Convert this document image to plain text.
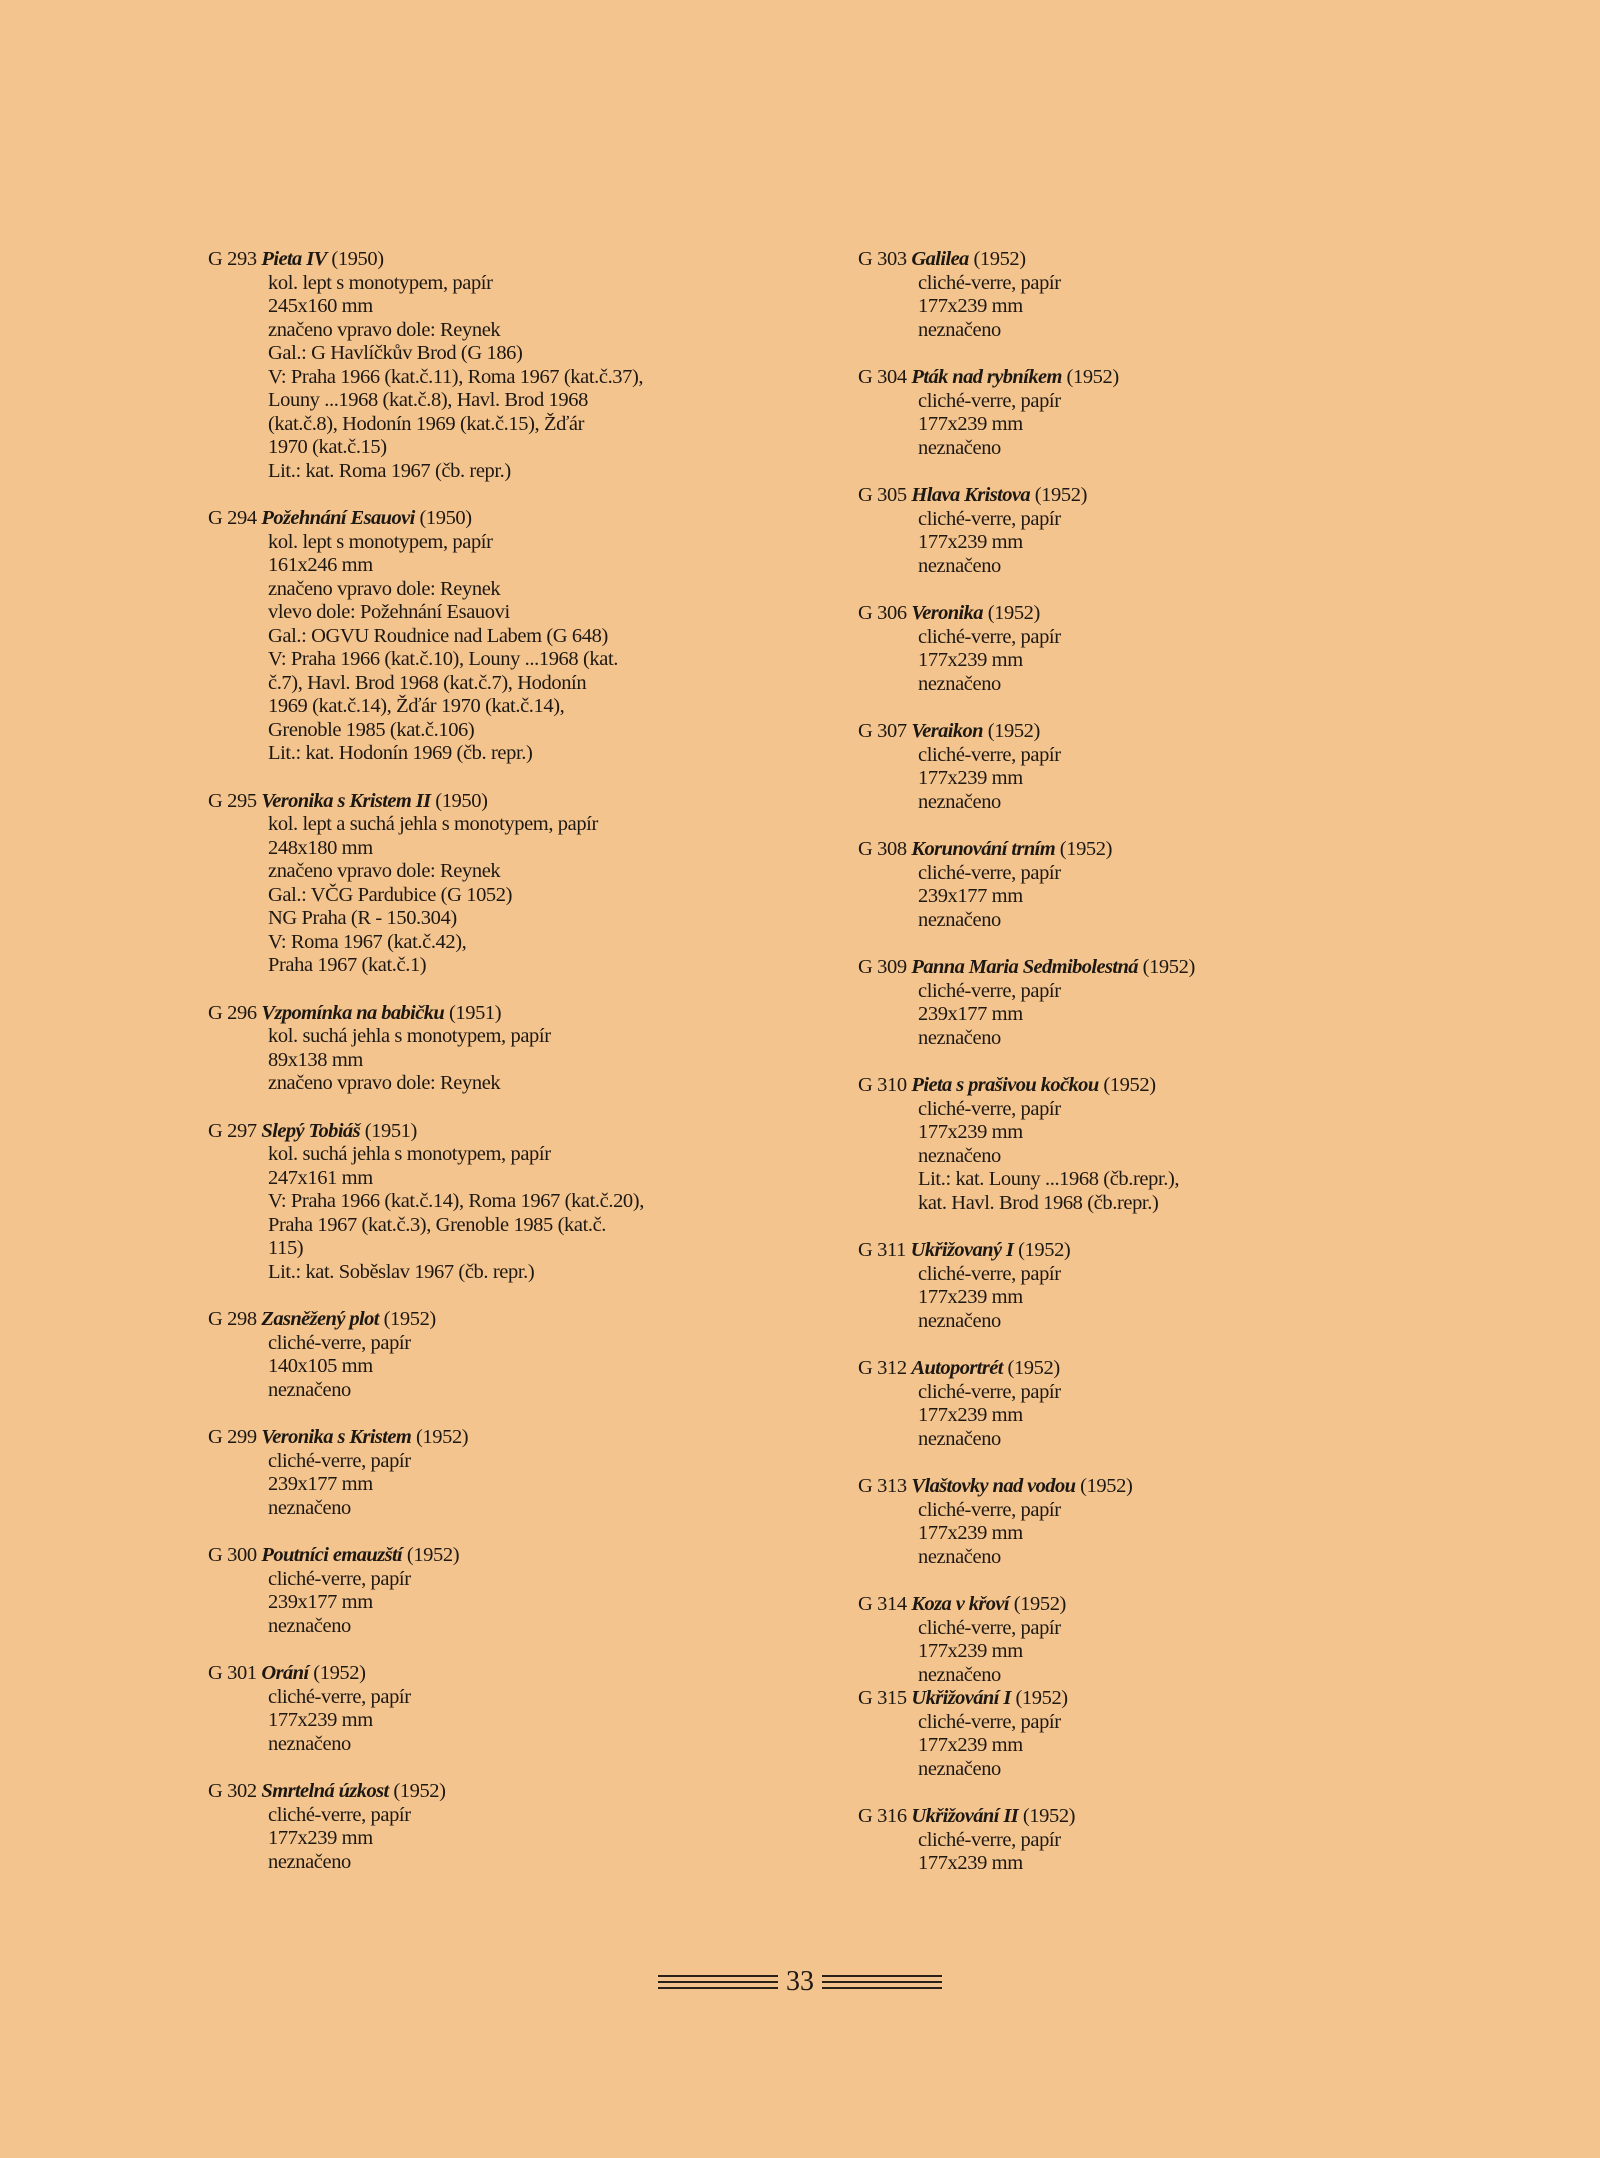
G 293 Pieta IV (1950)
kol. lept s monotypem, papír
245x160 mm
značeno vpravo dole: Reynek
Gal.: G Havlíčkův Brod (G 186)
V: Praha 1966 (kat.č.11), Roma 1967 (kat.č.37),
Louny ...1968 (kat.č.8), Havl. Brod 1968
(kat.č.8), Hodonín 1969 (kat.č.15), Žďár
1970 (kat.č.15)
Lit.: kat. Roma 1967 (čb. repr.)
G 294 Požehnání Esauovi (1950)
kol. lept s monotypem, papír
161x246 mm
značeno vpravo dole: Reynek
vlevo dole: Požehnání Esauovi
Gal.: OGVU Roudnice nad Labem (G 648)
V: Praha 1966 (kat.č.10), Louny ...1968 (kat.
č.7), Havl. Brod 1968 (kat.č.7), Hodonín
1969 (kat.č.14), Žďár 1970 (kat.č.14),
Grenoble 1985 (kat.č.106)
Lit.: kat. Hodonín 1969 (čb. repr.)
G 295 Veronika s Kristem II (1950)
kol. lept a suchá jehla s monotypem, papír
248x180 mm
značeno vpravo dole: Reynek
Gal.: VČG Pardubice (G 1052)
NG Praha (R - 150.304)
V: Roma 1967 (kat.č.42),
Praha 1967 (kat.č.1)
G 296 Vzpomínka na babičku (1951)
kol. suchá jehla s monotypem, papír
89x138 mm
značeno vpravo dole: Reynek
G 297 Slepý Tobiáš (1951)
kol. suchá jehla s monotypem, papír
247x161 mm
V: Praha 1966 (kat.č.14), Roma 1967 (kat.č.20),
Praha 1967 (kat.č.3), Grenoble 1985 (kat.č.
115)
Lit.: kat. Soběslav 1967 (čb. repr.)
G 298 Zasněžený plot (1952)
cliché-verre, papír
140x105 mm
neznačeno
G 299 Veronika s Kristem (1952)
cliché-verre, papír
239x177 mm
neznačeno
G 300 Poutníci emauzští (1952)
cliché-verre, papír
239x177 mm
neznačeno
G 301 Orání (1952)
cliché-verre, papír
177x239 mm
neznačeno
G 302 Smrtelná úzkost (1952)
cliché-verre, papír
177x239 mm
neznačeno
G 303 Galilea (1952)
cliché-verre, papír
177x239 mm
neznačeno
G 304 Pták nad rybníkem (1952)
cliché-verre, papír
177x239 mm
neznačeno
G 305 Hlava Kristova (1952)
cliché-verre, papír
177x239 mm
neznačeno
G 306 Veronika (1952)
cliché-verre, papír
177x239 mm
neznačeno
G 307 Veraikon (1952)
cliché-verre, papír
177x239 mm
neznačeno
G 308 Korunování trním (1952)
cliché-verre, papír
239x177 mm
neznačeno
G 309 Panna Maria Sedmibolestná (1952)
cliché-verre, papír
239x177 mm
neznačeno
G 310 Pieta s prašivou kočkou (1952)
cliché-verre, papír
177x239 mm
neznačeno
Lit.: kat. Louny ...1968 (čb.repr.),
kat. Havl. Brod 1968 (čb.repr.)
G 311 Ukřižovaný I (1952)
cliché-verre, papír
177x239 mm
neznačeno
G 312 Autoportrét (1952)
cliché-verre, papír
177x239 mm
neznačeno
G 313 Vlaštovky nad vodou (1952)
cliché-verre, papír
177x239 mm
neznačeno
G 314 Koza v křoví (1952)
cliché-verre, papír
177x239 mm
neznačeno
G 315 Ukřižování I (1952)
cliché-verre, papír
177x239 mm
neznačeno
G 316 Ukřižování II (1952)
cliché-verre, papír
177x239 mm
33
